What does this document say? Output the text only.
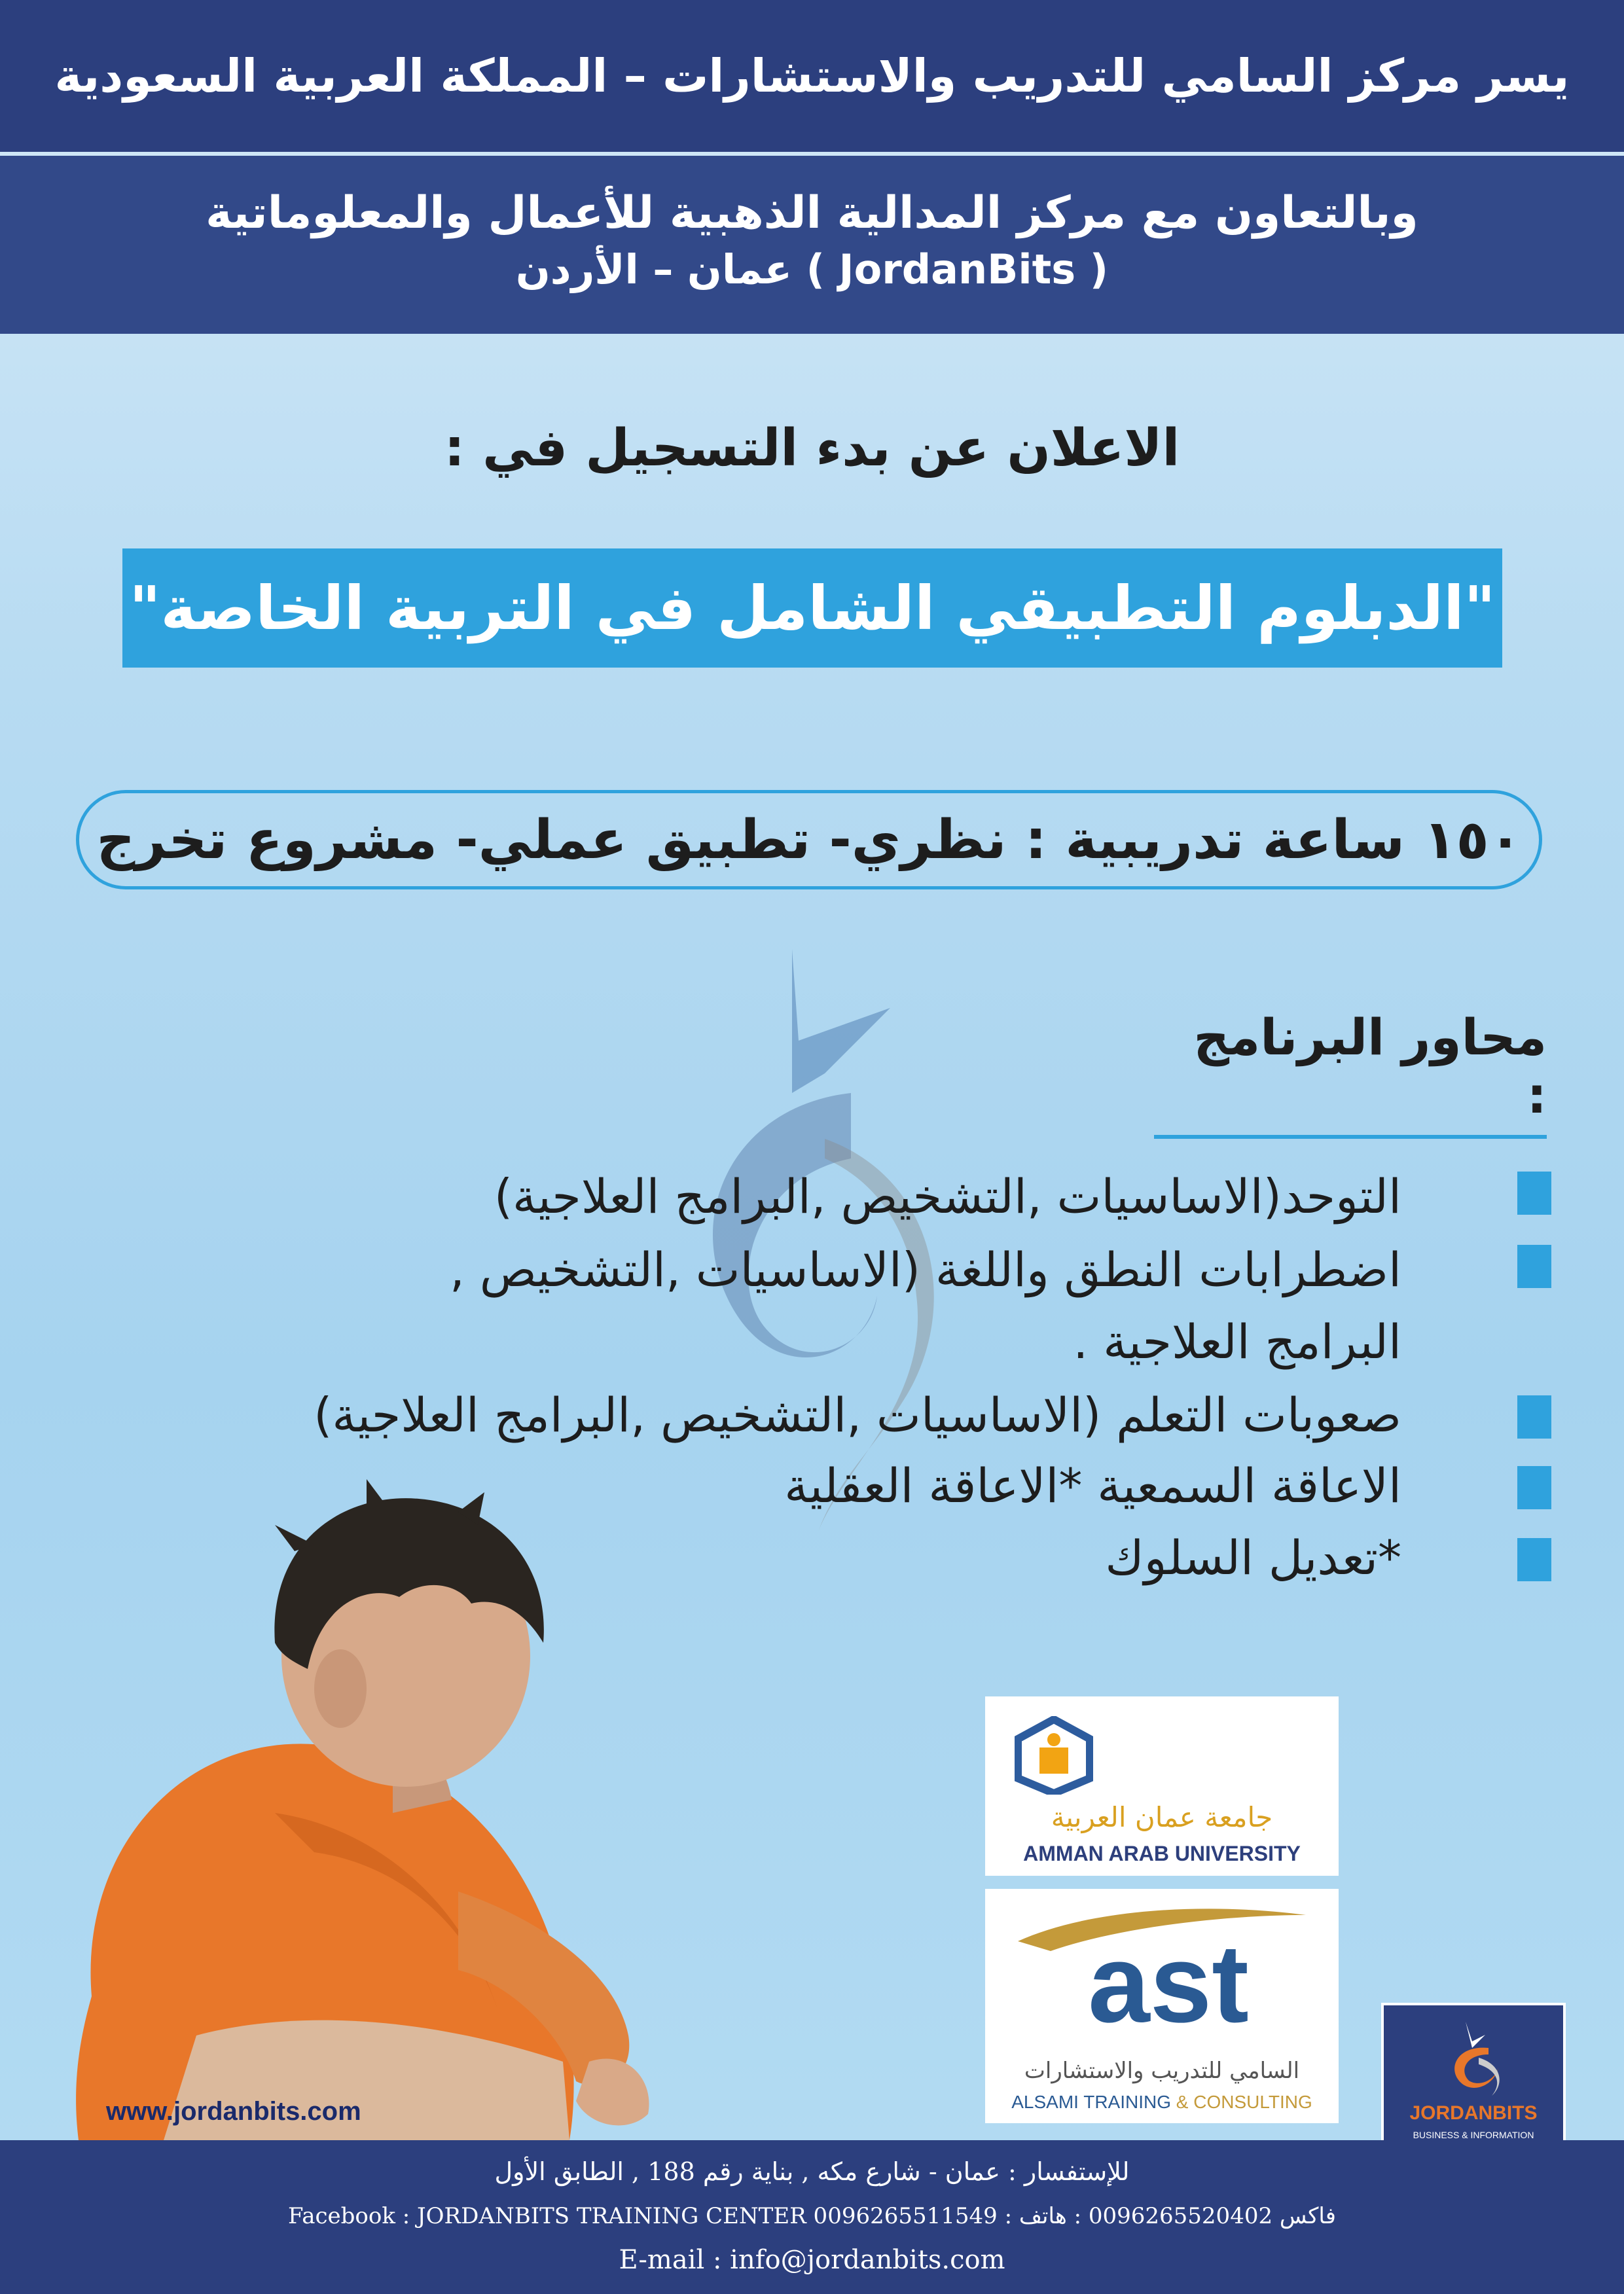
يسر مركز السامي للتدريب والاستشارات – المملكة العربية السعودية
وبالتعاون مع مركز المدالية الذهبية للأعمال والمعلوماتية
( JordanBits ) عمان – الأردن
الاعلان عن بدء التسجيل في :
"الدبلوم التطبيقي الشامل في التربية الخاصة"
١٥٠ ساعة تدريبية : نظري- تطبيق عملي- مشروع تخرج
محاور البرنامج :
التوحد(الاساسيات ,التشخيص ,البرامج العلاجية)
اضطرابات النطق واللغة (الاساسيات ,التشخيص ,
البرامج العلاجية .
صعوبات التعلم (الاساسيات ,التشخيص ,البرامج العلاجية)
الاعاقة السمعية *الاعاقة العقلية
*تعديل السلوك
جامعة عمان العربية
AMMAN ARAB UNIVERSITY
ast
السامي للتدريب والاستشارات
ALSAMI TRAINING & CONSULTING
JORDANBITS
BUSINESS & INFORMATION
www.jordanbits.com
للإستفسار : عمان - شارع مكه , بناية رقم 188 , الطابق الأول
Facebook : JORDANBITS TRAINING CENTER 0096265511549 : فاكس 0096265520402 : هاتف
E-mail : info@jordanbits.com
